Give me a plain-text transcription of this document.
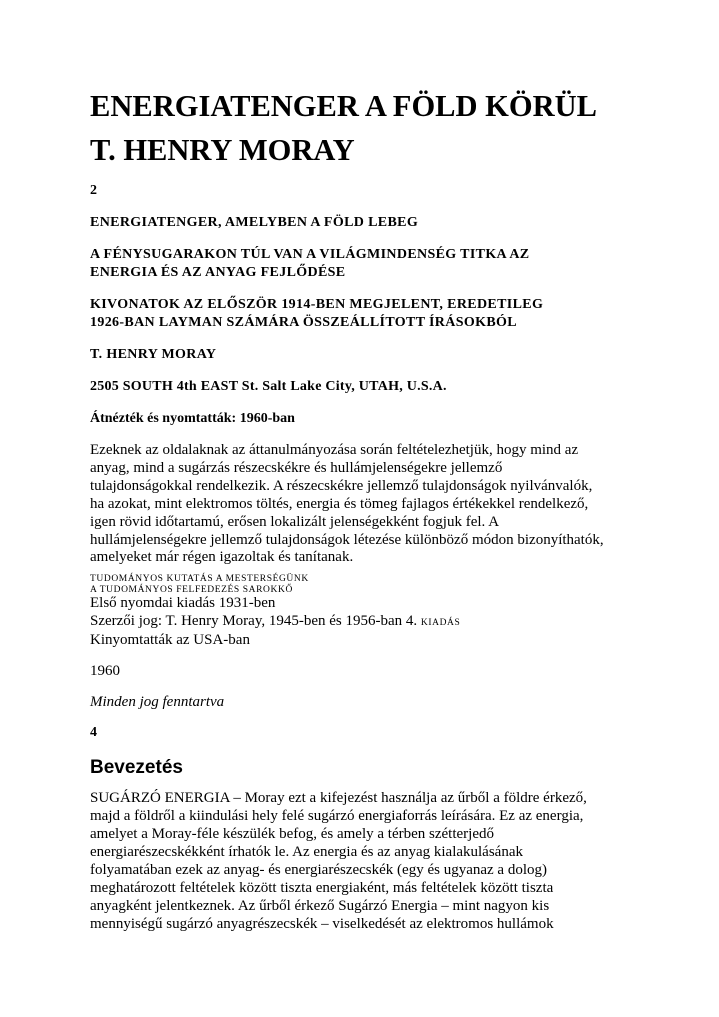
ENERGIATENGER A FÖLD KÖRÜL
T. HENRY MORAY

2

ENERGIATENGER, AMELYBEN A FÖLD LEBEG

A FÉNYSUGARAKON TÚL VAN A VILÁGMINDENSÉG TITKA AZ
ENERGIA ÉS AZ ANYAG FEJLŐDÉSE

KIVONATOK AZ ELŐSZÖR 1914-BEN MEGJELENT, EREDETILEG
1926-BAN LAYMAN SZÁMÁRA ÖSSZEÁLLÍTOTT ÍRÁSOKBÓL

T. HENRY MORAY

2505 SOUTH 4th EAST St. Salt Lake City, UTAH, U.S.A.

Átnézték és nyomtatták: 1960-ban

Ezeknek az oldalaknak az áttanulmányozása során feltételezhetjük, hogy mind az
anyag, mind a sugárzás részecskékre és hullámjelenségekre jellemző
tulajdonságokkal rendelkezik. A részecskékre jellemző tulajdonságok nyilvánvalók,
ha azokat, mint elektromos töltés, energia és tömeg fajlagos értékekkel rendelkező,
igen rövid időtartamú, erősen lokalizált jelenségekként fogjuk fel. A
hullámjelenségekre jellemző tulajdonságok létezése különböző módon bizonyíthatók,
amelyeket már régen igazoltak és tanítanak.

TUDOMÁNYOS KUTATÁS A MESTERSÉGÜNK

A TUDOMÁNYOS FELFEDEZÉS SAROKKŐ

Első nyomdai kiadás 1931-ben

Szerzői jog: T. Henry Moray, 1945-ben és 1956-ban 4. KIADÁS

Kinyomtatták az USA-ban

1960

Minden jog fenntartva

4

Bevezetés

SUGÁRZÓ ENERGIA – Moray ezt a kifejezést használja az űrből a földre érkező,
majd a földről a kiindulási hely felé sugárzó energiaforrás leírására. Ez az energia,
amelyet a Moray-féle készülék befog, és amely a térben szétterjedő
energiarészecskékként írhatók le. Az energia és az anyag kialakulásának
folyamatában ezek az anyag- és energiarészecskék (egy és ugyanaz a dolog)
meghatározott feltételek között tiszta energiaként, más feltételek között tiszta
anyagként jelentkeznek. Az űrből érkező Sugárzó Energia – mint nagyon kis
mennyiségű sugárzó anyagrészecskék – viselkedését az elektromos hullámok
